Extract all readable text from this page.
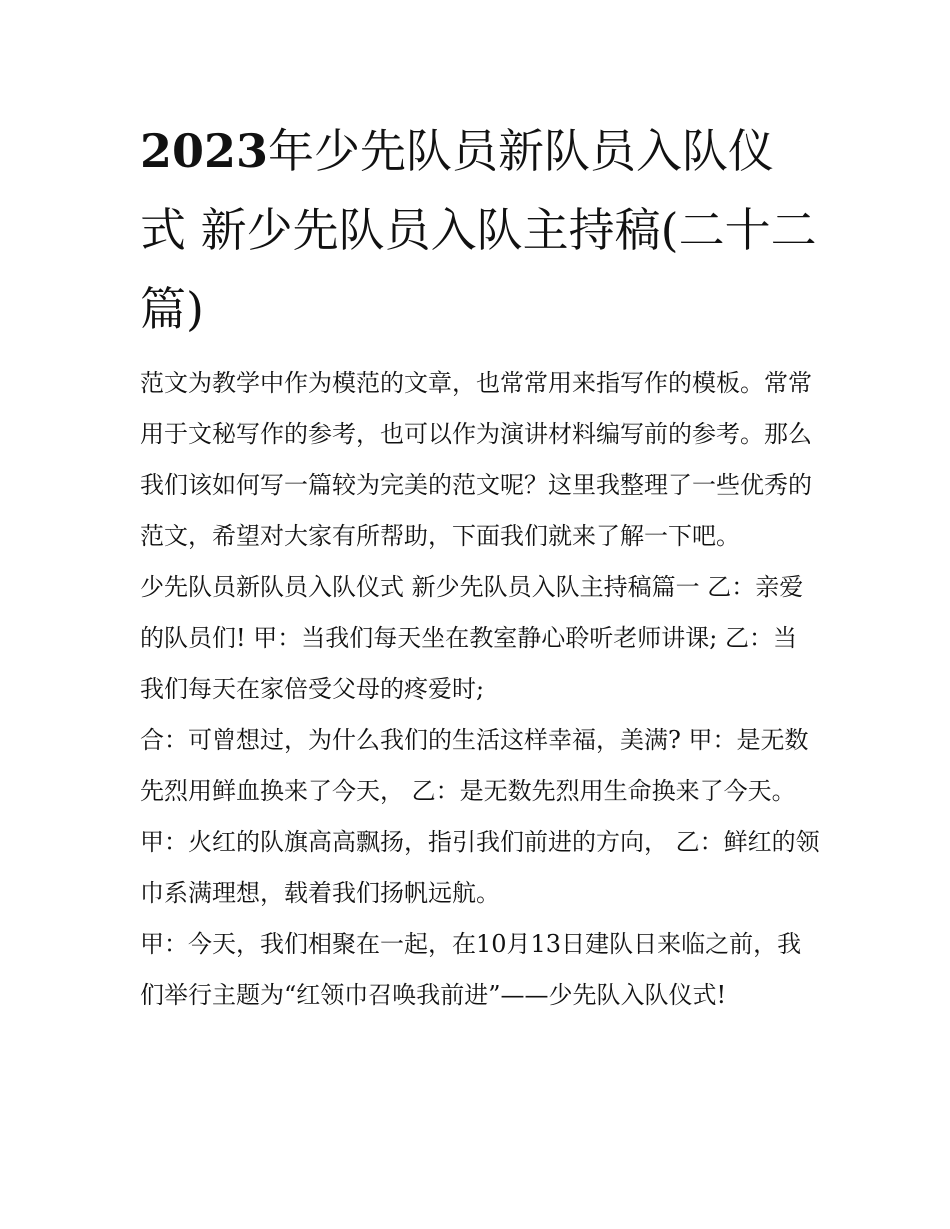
2023年少先队员新队员入队仪式 新少先队员入队主持稿(二十二篇)

范文为教学中作为模范的文章，也常常用来指写作的模板。常常用于文秘写作的参考，也可以作为演讲材料编写前的参考。那么我们该如何写一篇较为完美的范文呢？这里我整理了一些优秀的范文，希望对大家有所帮助，下面我们就来了解一下吧。

少先队员新队员入队仪式 新少先队员入队主持稿篇一 乙：亲爱的队员们! 甲：当我们每天坐在教室静心聆听老师讲课; 乙：当我们每天在家倍受父母的疼爱时;

合：可曾想过，为什么我们的生活这样幸福，美满? 甲：是无数先烈用鲜血换来了今天， 乙：是无数先烈用生命换来了今天。

甲：火红的队旗高高飘扬，指引我们前进的方向， 乙：鲜红的领巾系满理想，载着我们扬帆远航。

甲：今天，我们相聚在一起，在10月13日建队日来临之前，我们举行主题为“红领巾召唤我前进”——少先队入队仪式!
